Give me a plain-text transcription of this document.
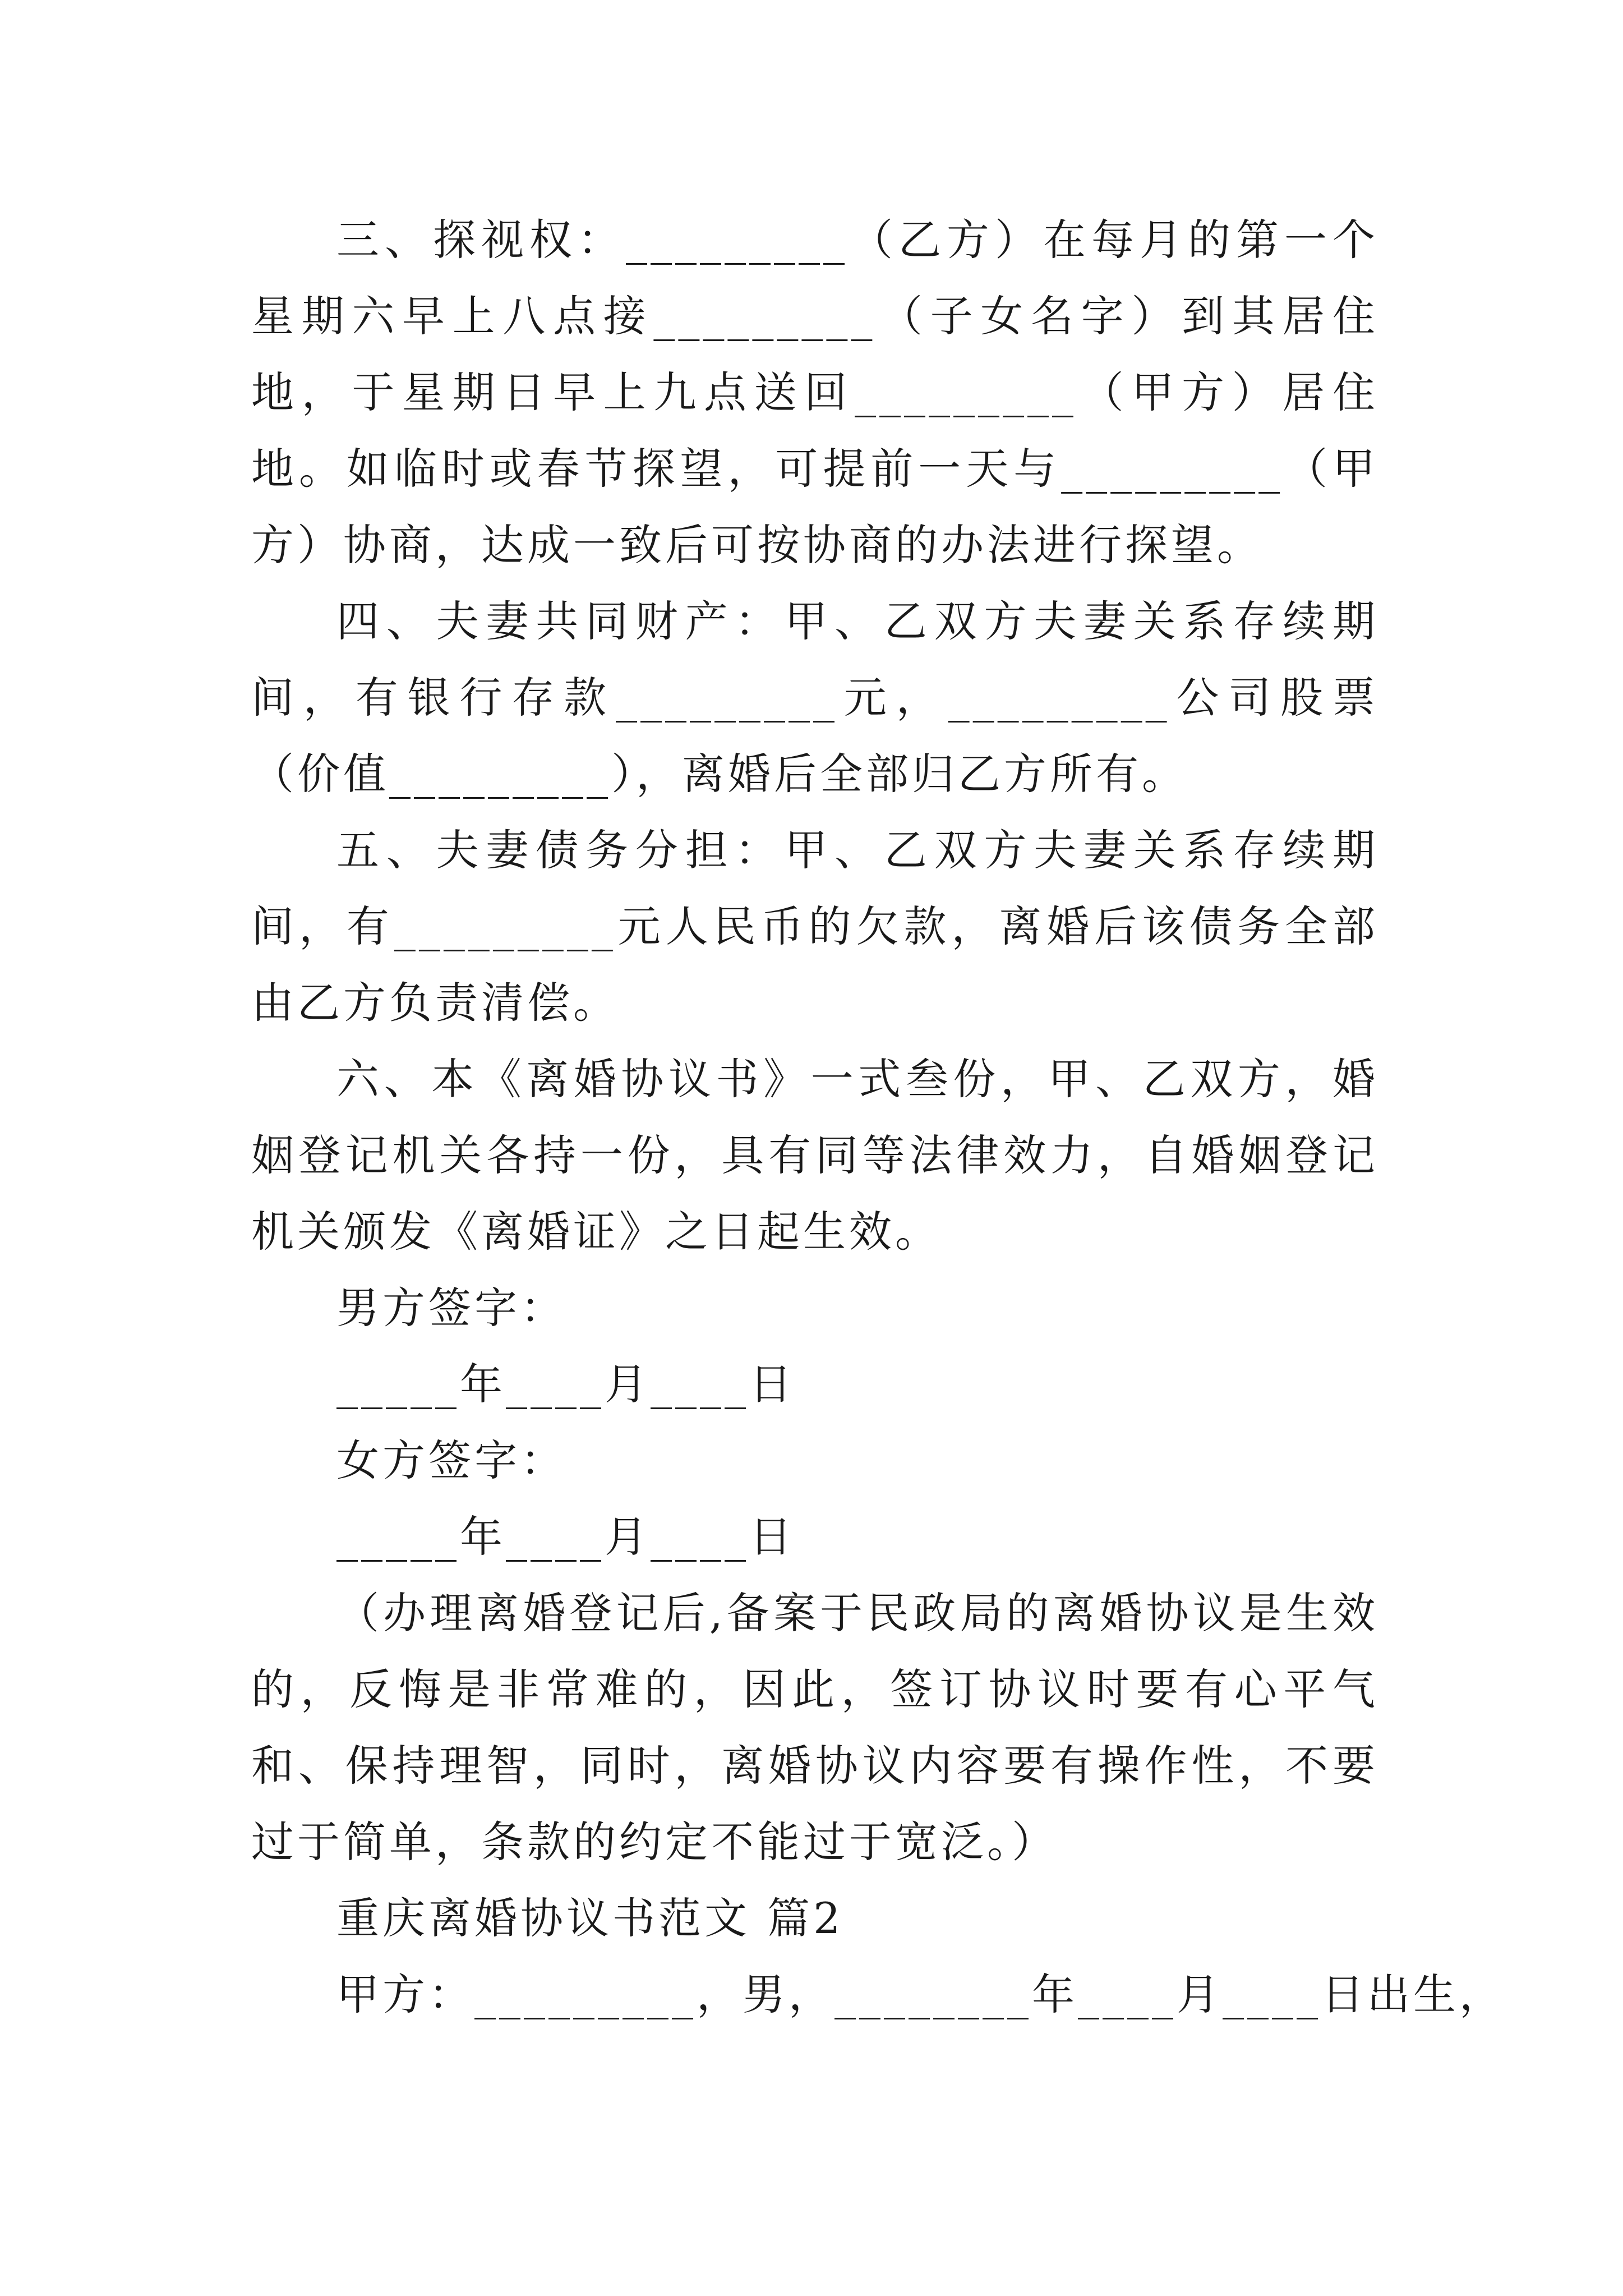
三、探视权：_________（乙方）在每月的第一个星期六早上八点接_________（子女名字）到其居住地，于星期日早上九点送回_________（甲方）居住地。如临时或春节探望，可提前一天与_________（甲方）协商，达成一致后可按协商的办法进行探望。

四、夫妻共同财产：甲、乙双方夫妻关系存续期间，有银行存款_________元，_________公司股票（价值_________），离婚后全部归乙方所有。

五、夫妻债务分担：甲、乙双方夫妻关系存续期间，有_________元人民币的欠款，离婚后该债务全部由乙方负责清偿。

六、本《离婚协议书》一式叁份，甲、乙双方，婚姻登记机关各持一份，具有同等法律效力，自婚姻登记机关颁发《离婚证》之日起生效。

男方签字：

_____年____月____日

女方签字：

_____年____月____日

（办理离婚登记后,备案于民政局的离婚协议是生效的，反悔是非常难的，因此，签订协议时要有心平气和、保持理智，同时，离婚协议内容要有操作性，不要过于简单，条款的约定不能过于宽泛。）

重庆离婚协议书范文 篇2

甲方：_________，男，________年____月____日出生，
